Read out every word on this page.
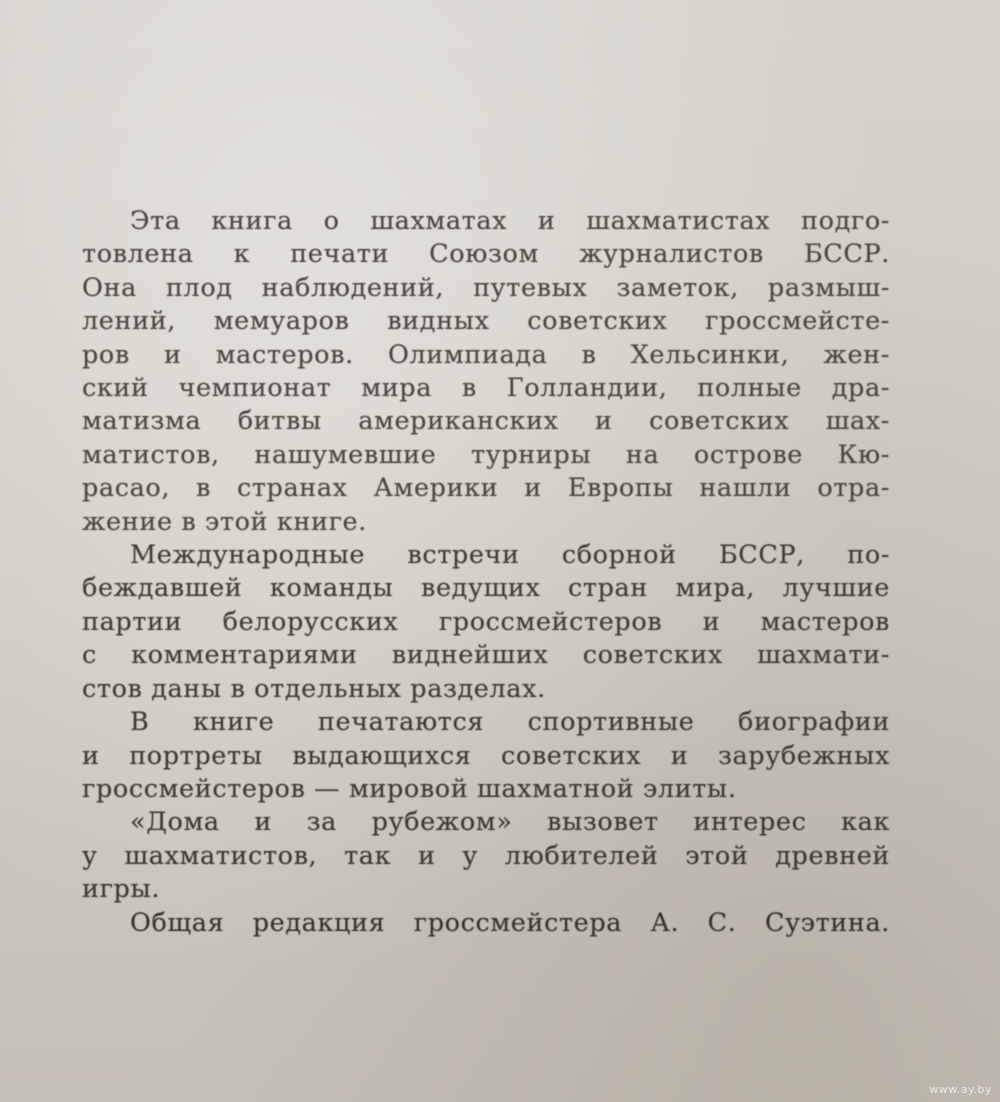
Эта книга о шахматах и шахматистах подго-
товлена к печати Союзом журналистов БССР.
Она плод наблюдений, путевых заметок, размыш-
лений, мемуаров видных советских гроссмейсте-
ров и мастеров. Олимпиада в Хельсинки, жен-
ский чемпионат мира в Голландии, полные дра-
матизма битвы американских и советских шах-
матистов, нашумевшие турниры на острове Кю-
расао, в странах Америки и Европы нашли отра-
жение в этой книге.

Международные встречи сборной БССР, по-
беждавшей команды ведущих стран мира, лучшие
партии белорусских гроссмейстеров и мастеров
с комментариями виднейших советских шахмати-
стов даны в отдельных разделах.

В книге печатаются спортивные биографии
и портреты выдающихся советских и зарубежных
гроссмейстеров — мировой шахматной элиты.

«Дома и за рубежом» вызовет интерес как
у шахматистов, так и у любителей этой древней
игры.

Общая редакция гроссмейстера А. С. Суэтина.

www.ay.by
